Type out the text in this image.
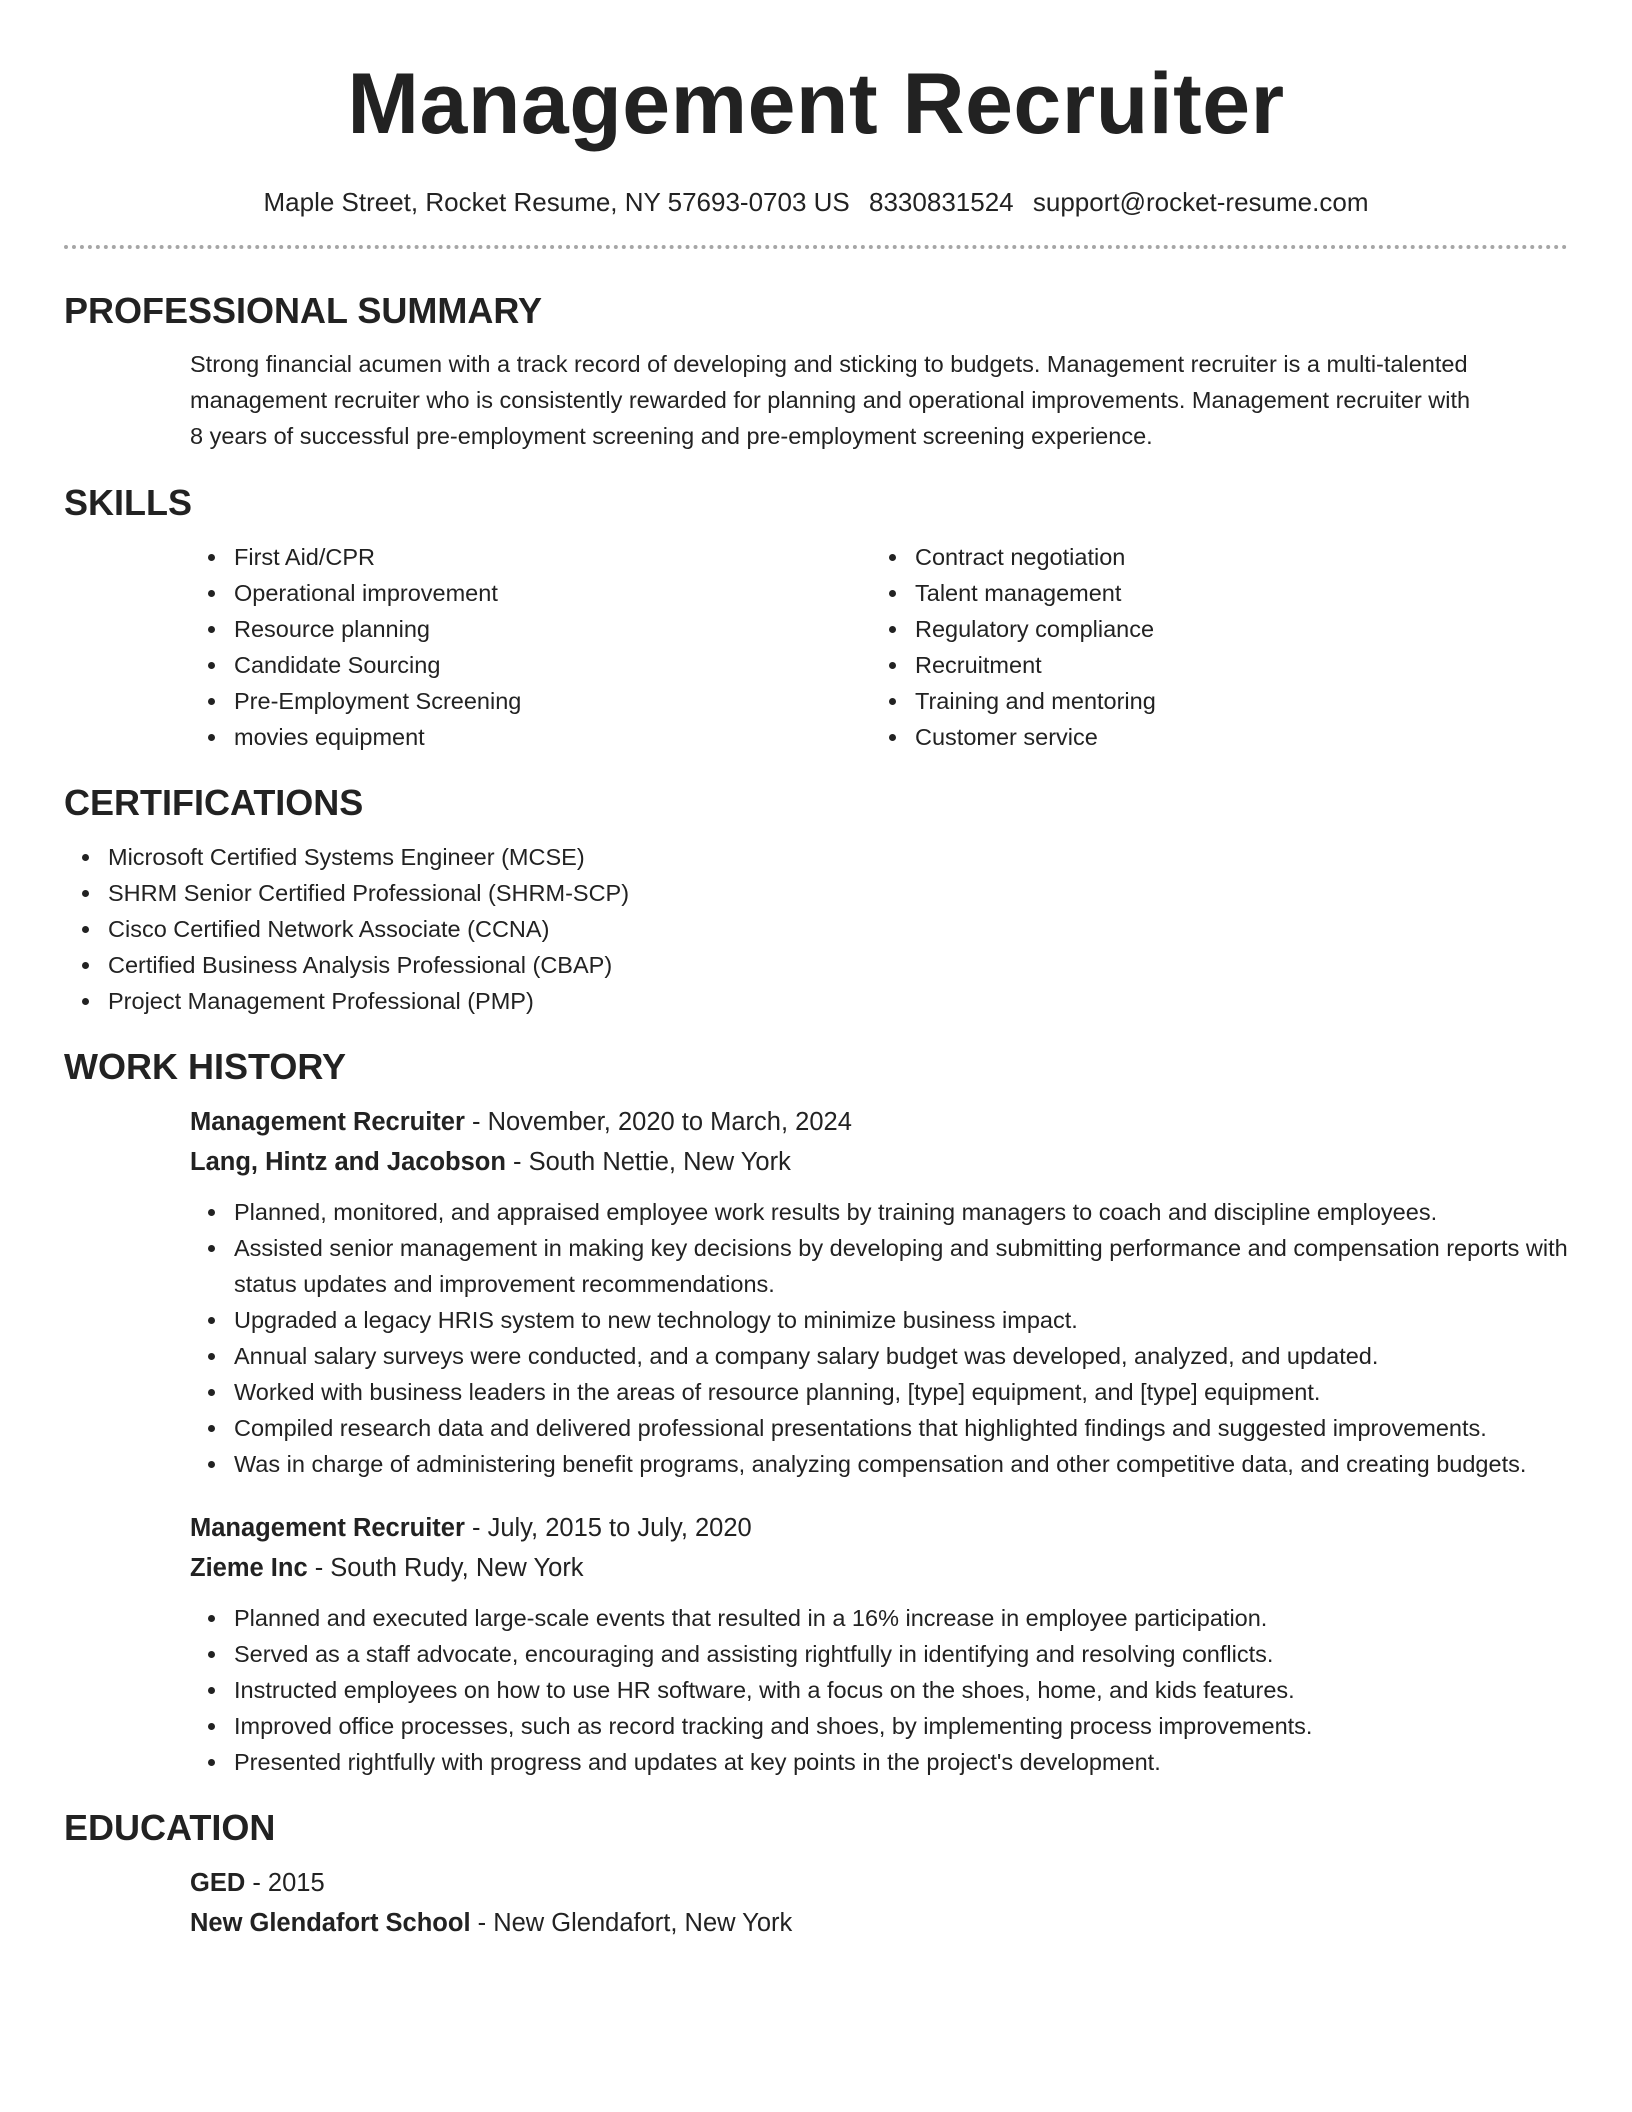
Management Recruiter
Maple Street, Rocket Resume, NY 57693-0703 US 8330831524 support@rocket-resume.com
PROFESSIONAL SUMMARY
Strong financial acumen with a track record of developing and sticking to budgets. Management recruiter is a multi-talented
management recruiter who is consistently rewarded for planning and operational improvements. Management recruiter with
8 years of successful pre-employment screening and pre-employment screening experience.
SKILLS
First Aid/CPR
Operational improvement
Resource planning
Candidate Sourcing
Pre-Employment Screening
movies equipment
Contract negotiation
Talent management
Regulatory compliance
Recruitment
Training and mentoring
Customer service
CERTIFICATIONS
Microsoft Certified Systems Engineer (MCSE)
SHRM Senior Certified Professional (SHRM-SCP)
Cisco Certified Network Associate (CCNA)
Certified Business Analysis Professional (CBAP)
Project Management Professional (PMP)
WORK HISTORY
Management Recruiter - November, 2020 to March, 2024
Lang, Hintz and Jacobson - South Nettie, New York
Planned, monitored, and appraised employee work results by training managers to coach and discipline employees.
Assisted senior management in making key decisions by developing and submitting performance and compensation reports with status updates and improvement recommendations.
Upgraded a legacy HRIS system to new technology to minimize business impact.
Annual salary surveys were conducted, and a company salary budget was developed, analyzed, and updated.
Worked with business leaders in the areas of resource planning, [type] equipment, and [type] equipment.
Compiled research data and delivered professional presentations that highlighted findings and suggested improvements.
Was in charge of administering benefit programs, analyzing compensation and other competitive data, and creating budgets.
Management Recruiter - July, 2015 to July, 2020
Zieme Inc - South Rudy, New York
Planned and executed large-scale events that resulted in a 16% increase in employee participation.
Served as a staff advocate, encouraging and assisting rightfully in identifying and resolving conflicts.
Instructed employees on how to use HR software, with a focus on the shoes, home, and kids features.
Improved office processes, such as record tracking and shoes, by implementing process improvements.
Presented rightfully with progress and updates at key points in the project's development.
EDUCATION
GED - 2015
New Glendafort School - New Glendafort, New York
